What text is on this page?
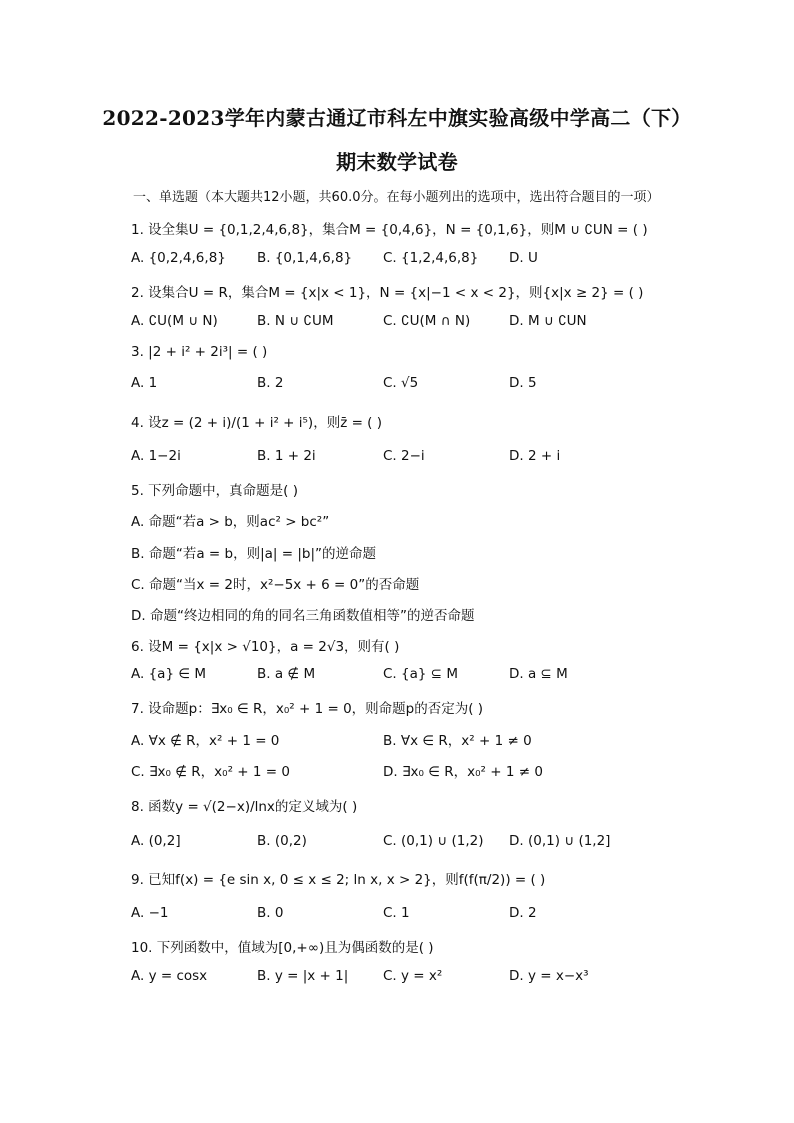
2022-2023学年内蒙古通辽市科左中旗实验高级中学高二（下）
期末数学试卷
一、单选题（本大题共12小题，共60.0分。在每小题列出的选项中，选出符合题目的一项）
1. 设全集U = {0,1,2,4,6,8}，集合M = {0,4,6}，N = {0,1,6}，则M ∪ ∁UN = ( )
A. {0,2,4,6,8} B. {0,1,4,6,8} C. {1,2,4,6,8} D. U
2. 设集合U = R，集合M = {x|x < 1}，N = {x|−1 < x < 2}，则{x|x ≥ 2} = ( )
A. ∁U(M ∪ N)	B. N ∪ ∁UM	C. ∁U(M ∩ N)	D. M ∪ ∁UN
3. |2 + i² + 2i³| = ( )
A. 1	B. 2	C. √5	D. 5
4. 设z = (2 + i)/(1 + i² + i⁵)，则z̄ = ( )
A. 1−2i	B. 1 + 2i	C. 2−i	D. 2 + i
5. 下列命题中，真命题是( )
A. 命题“若a > b，则ac² > bc²”
B. 命题“若a = b，则|a| = |b|”的逆命题
C. 命题“当x = 2时，x²−5x + 6 = 0”的否命题
D. 命题“终边相同的角的同名三角函数值相等”的逆否命题
6. 设M = {x|x > √10}，a = 2√3，则有( )
A. {a} ∈ M	B. a ∉ M	C. {a} ⊆ M	D. a ⊆ M
7. 设命题p：∃x₀ ∈ R，x₀² + 1 = 0，则命题p的否定为( )
A. ∀x ∉ R，x² + 1 = 0	B. ∀x ∈ R，x² + 1 ≠ 0
C. ∃x₀ ∉ R，x₀² + 1 = 0	D. ∃x₀ ∈ R，x₀² + 1 ≠ 0
8. 函数y = √(2−x)/lnx的定义域为( )
A. (0,2]	B. (0,2)	C. (0,1) ∪ (1,2) D. (0,1) ∪ (1,2]
9. 已知f(x) = {e sin x, 0 ≤ x ≤ 2; ln x, x > 2}，则f(f(π/2)) = ( )
A. −1	B. 0	C. 1	D. 2
10. 下列函数中，值域为[0,+∞)且为偶函数的是( )
A. y = cosx	B. y = |x + 1|	C. y = x²	D. y = x−x³
